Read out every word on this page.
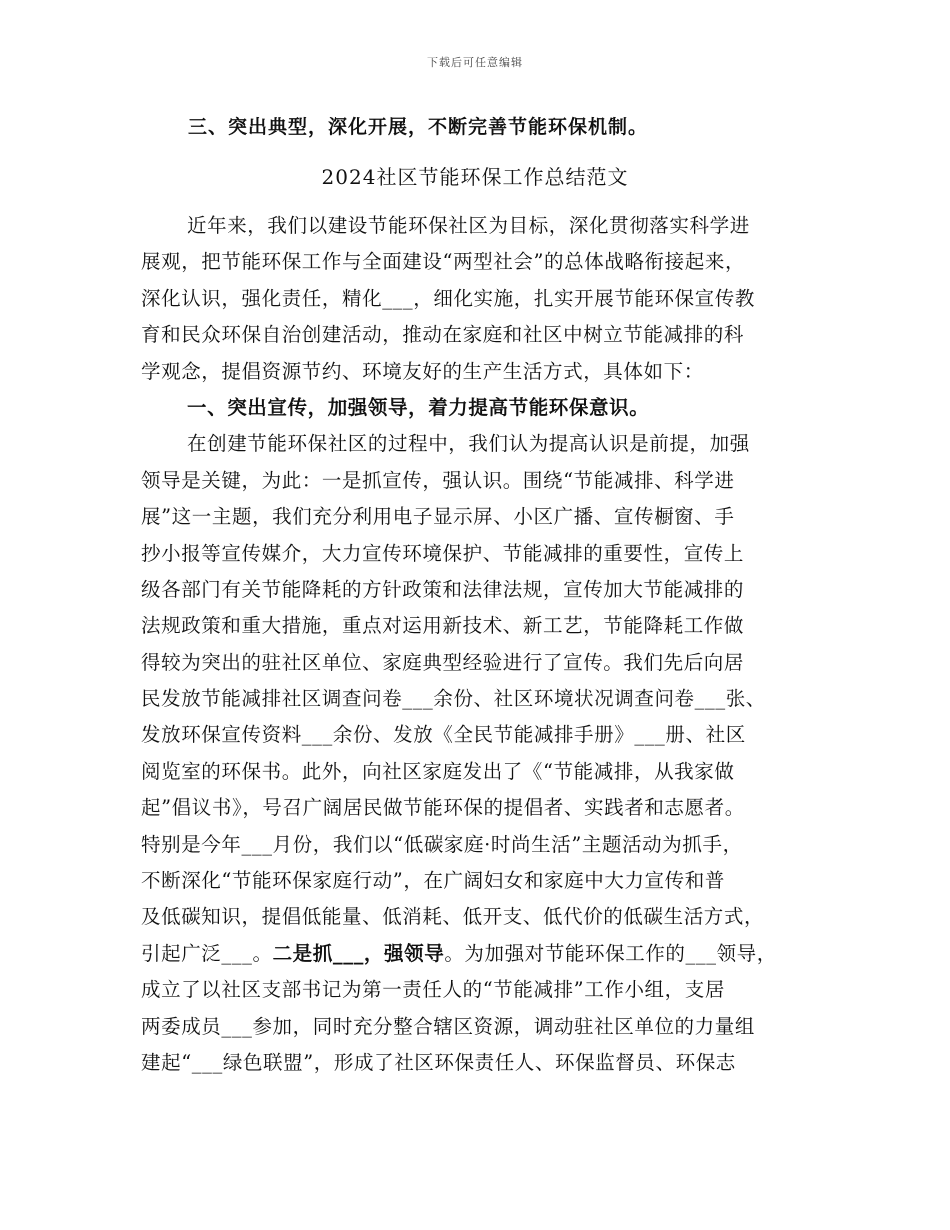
下载后可任意编辑
三、突出典型，深化开展，不断完善节能环保机制。
2024社区节能环保工作总结范文
近年来，我们以建设节能环保社区为目标，深化贯彻落实科学进
展观，把节能环保工作与全面建设“两型社会”的总体战略衔接起来，
深化认识，强化责任，精化___，细化实施，扎实开展节能环保宣传教
育和民众环保自治创建活动，推动在家庭和社区中树立节能减排的科
学观念，提倡资源节约、环境友好的生产生活方式，具体如下：
一、突出宣传，加强领导，着力提高节能环保意识。
在创建节能环保社区的过程中，我们认为提高认识是前提，加强
领导是关键，为此：一是抓宣传，强认识。围绕“节能减排、科学进
展”这一主题，我们充分利用电子显示屏、小区广播、宣传橱窗、手
抄小报等宣传媒介，大力宣传环境保护、节能减排的重要性，宣传上
级各部门有关节能降耗的方针政策和法律法规，宣传加大节能减排的
法规政策和重大措施，重点对运用新技术、新工艺，节能降耗工作做
得较为突出的驻社区单位、家庭典型经验进行了宣传。我们先后向居
民发放节能减排社区调查问卷___余份、社区环境状况调查问卷___张、
发放环保宣传资料___余份、发放《全民节能减排手册》___册、社区
阅览室的环保书。此外，向社区家庭发出了《“节能减排，从我家做
起”倡议书》，号召广阔居民做节能环保的提倡者、实践者和志愿者。
特别是今年___月份，我们以“低碳家庭·时尚生活”主题活动为抓手，
不断深化“节能环保家庭行动”，在广阔妇女和家庭中大力宣传和普
及低碳知识，提倡低能量、低消耗、低开支、低代价的低碳生活方式，
引起广泛___。二是抓___，强领导。为加强对节能环保工作的___领导，
成立了以社区支部书记为第一责任人的“节能减排”工作小组，支居
两委成员___参加，同时充分整合辖区资源，调动驻社区单位的力量组
建起“___绿色联盟”，形成了社区环保责任人、环保监督员、环保志
